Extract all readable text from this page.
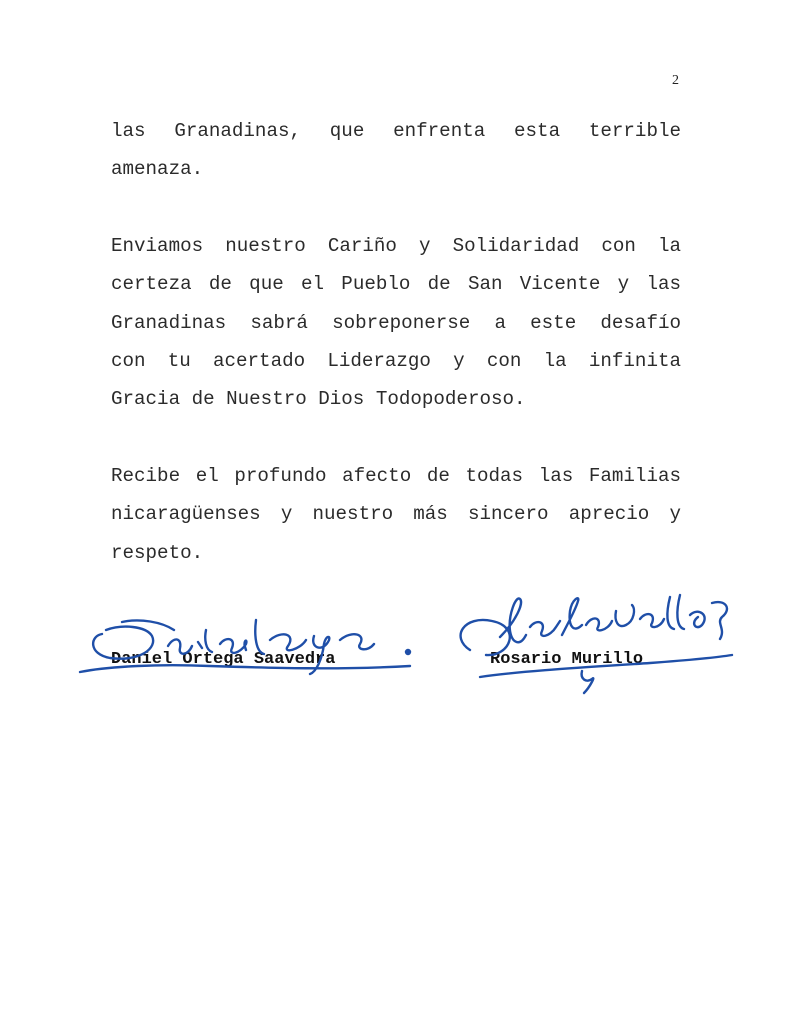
2

las Granadinas, que enfrenta esta terrible
amenaza.

Enviamos nuestro Cariño y Solidaridad con la
certeza de que el Pueblo de San Vicente y las
Granadinas sabrá sobreponerse a este desafío
con tu acertado Liderazgo y con la infinita
Gracia de Nuestro Dios Todopoderoso.

Recibe el profundo afecto de todas las Familias
nicaragüenses y nuestro más sincero aprecio y
respeto.

Daniel Ortega Saavedra	Rosario Murillo
